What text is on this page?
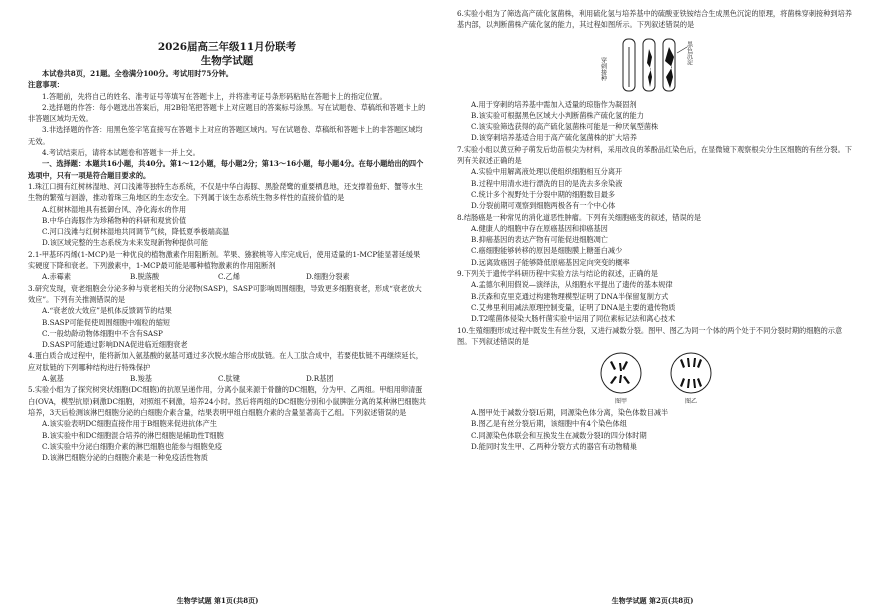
2026届高三年级11月份联考
生物学试题

本试卷共8页，21题。全卷满分100分。考试用时75分钟。

注意事项：

1.答题前，先将自己的姓名、准考证号等填写在答题卡上，并将准考证号条形码粘贴在答题卡上的指定位置。

2.选择题的作答：每小题选出答案后，用2B铅笔把答题卡上对应题目的答案标号涂黑。写在试题卷、草稿纸和答题卡上的非答题区域均无效。

3.非选择题的作答：用黑色签字笔直接写在答题卡上对应的答题区域内。写在试题卷、草稿纸和答题卡上的非答题区域均无效。

4.考试结束后，请将本试题卷和答题卡一并上交。

一、选择题：本题共16小题，共40分。第1～12小题，每小题2分；第13～16小题，每小题4分。在每小题给出的四个选项中，只有一项是符合题目要求的。

1.珠江口拥有红树林湿地、河口浅滩等独特生态系统，不仅是中华白海豚、黑脸琵鹭的重要栖息地，还支撑着鱼虾、蟹等水生生物的繁殖与洄游，推动着珠三角地区的生态安全。下列属于该生态系统生物多样性的直接价值的是

A.红树林湿地具有抵御台风、净化海水的作用

B.中华白海豚作为珍稀物种的科研和观赏价值

C.河口浅滩与红树林湿地共同调节气候，降低夏季极端高温

D.该区域完整的生态系统为未来发现新物种提供可能

2.1-甲基环丙烯(1-MCP)是一种优良的植物激素作用阻断剂。苹果、猕猴桃等入库完成后，使用适量的1-MCP能显著延缓果实硬度下降和衰老。下列激素中，1-MCP最可能是哪种植物激素的作用阻断剂

A.赤霉素	B.脱落酸	C.乙烯	D.细胞分裂素

3.研究发现，衰老细胞会分泌多种与衰老相关的分泌物(SASP)，SASP可影响周围细胞，导致更多细胞衰老，形成“衰老放大效应”。下列有关推测错误的是

A.“衰老放大效应”是机体反馈调节的结果

B.SASP可能促使周围细胞中端粒的缩短

C.一般幼龄动物体细胞中不含有SASP

D.SASP可能通过影响DNA促进临近细胞衰老

4.蛋白质合成过程中，能将新加入氨基酸的氨基可通过多次脱水缩合形成肽链。在人工肽合成中，若要使肽链不再继续延长，应对肽链的下列哪种结构进行特殊保护

A.氨基	B.羧基	C.肽键	D.R基团

5.实验小组为了探究树突状细胞(DC细胞)的抗原呈递作用，分离小鼠来源于骨髓的DC细胞，分为甲、乙两组。甲组用卵清蛋白(OVA，模型抗原)刺激DC细胞，对照组不刺激，培养24小时。然后将两组的DC细胞分别和小鼠脾脏分离的某种淋巴细胞共培养，3天后检测该淋巴细胞分泌的白细胞介素含量，结果表明甲组白细胞介素的含量显著高于乙组。下列叙述错误的是

A.该实验表明DC细胞直接作用于B细胞来促进抗体产生

B.该实验中和DC细胞混合培养的淋巴细胞是辅助性T细胞

C.该实验中分泌白细胞介素的淋巴细胞也能参与细胞免疫

D.该淋巴细胞分泌的白细胞介素是一种免疫活性物质

生物学试题 第1页(共8页)

6.实验小组为了筛选高产硫化氢菌株，利用硫化氢与培养基中的硫酸亚铁铵结合生成黑色沉淀的原理，将菌株穿刺接种到培养基内部，以判断菌株产硫化氢的能力，其过程如图所示。下列叙述错误的是

穿刺接种
黑色沉淀

A.用于穿刺的培养基中需加入适量的琼脂作为凝固剂

B.该实验可根据黑色区域大小判断菌株产硫化氢的能力

C.该实验筛选获得的高产硫化氢菌株可能是一种厌氧型菌株

D.该穿刺培养基适合用于高产硫化氢菌株的扩大培养

7.实验小组以黄豆种子萌发后幼苗根尖为材料，采用改良的苯酚品红染色后，在显微镜下观察根尖分生区细胞的有丝分裂。下列有关叙述正确的是

A.实验中用解离液处理以使组织细胞相互分离开

B.过程中用清水进行漂洗的目的是洗去多余染液

C.统计多个视野处于分裂中期的细胞数目最多

D.分裂前期可观察到细胞两极各有一个中心体

8.结肠癌是一种常见的消化道恶性肿瘤。下列有关细胞癌变的叙述，错误的是

A.健康人的细胞中存在原癌基因和抑癌基因

B.抑癌基因的表达产物有可能促进细胞凋亡

C.癌细胞能够转移的原因是细胞膜上糖蛋白减少

D.远离致癌因子能够降低原癌基因定向突变的概率

9.下列关于遗传学科研历程中实验方法与结论的叙述，正确的是

A.孟德尔利用假说—演绎法，从细胞水平提出了遗传的基本规律

B.沃森和克里克通过构建物理模型证明了DNA半保留复制方式

C.艾弗里利用减法原理控制变量，证明了DNA是主要的遗传物质

D.T2噬菌体侵染大肠杆菌实验中运用了同位素标记法和离心技术

10.生殖细胞形成过程中既发生有丝分裂，又进行减数分裂。图甲、图乙为同一个体的两个处于不同分裂时期的细胞的示意图。下列叙述错误的是

图甲	图乙

A.图甲处于减数分裂Ⅰ后期，同源染色体分离，染色体数目减半

B.图乙是有丝分裂后期，该细胞中有4个染色体组

C.同源染色体联会和互换发生在减数分裂Ⅰ的四分体时期

D.能同时发生甲、乙两种分裂方式的器官有动物精巢

生物学试题 第2页(共8页)
